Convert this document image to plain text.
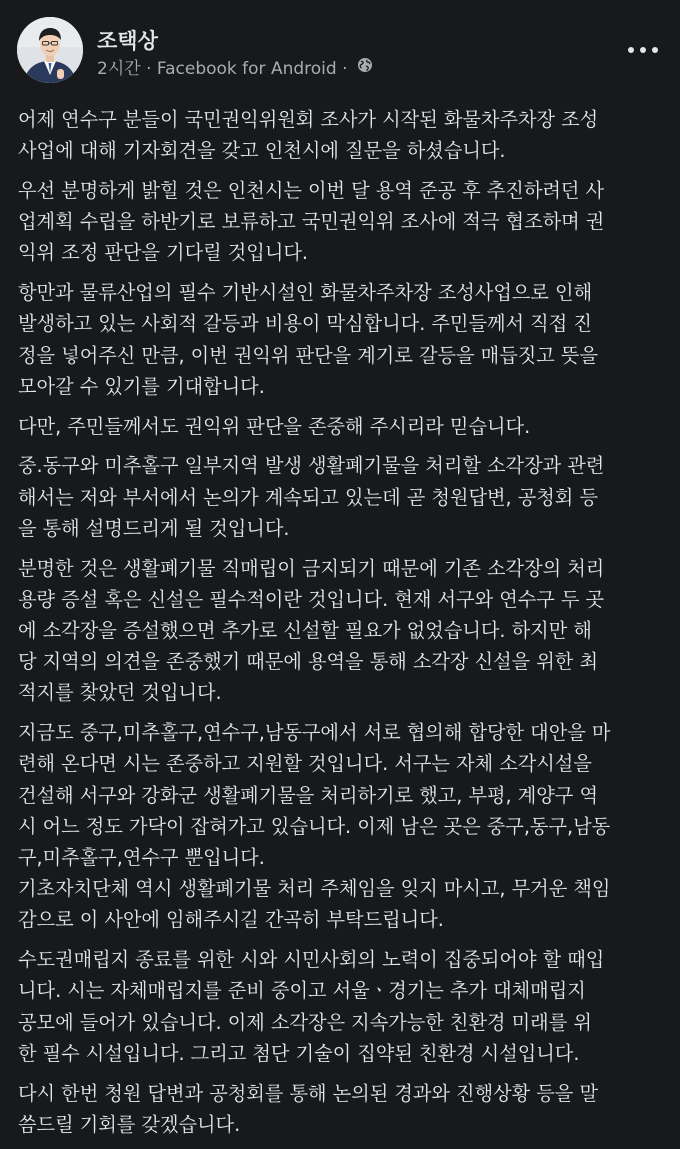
조택상
2시간 · Facebook for Android ·

어제 연수구 분들이 국민권익위원회 조사가 시작된 화물차주차장 조성
사업에 대해 기자회견을 갖고 인천시에 질문을 하셨습니다.

우선 분명하게 밝힐 것은 인천시는 이번 달 용역 준공 후 추진하려던 사
업계획 수립을 하반기로 보류하고 국민권익위 조사에 적극 협조하며 권
익위 조정 판단을 기다릴 것입니다.

항만과 물류산업의 필수 기반시설인 화물차주차장 조성사업으로 인해
발생하고 있는 사회적 갈등과 비용이 막심합니다. 주민들께서 직접 진
정을 넣어주신 만큼, 이번 권익위 판단을 계기로 갈등을 매듭짓고 뜻을
모아갈 수 있기를 기대합니다.

다만, 주민들께서도 권익위 판단을 존중해 주시리라 믿습니다.

중.동구와 미추홀구 일부지역 발생 생활폐기물을 처리할 소각장과 관련
해서는 저와 부서에서 논의가 계속되고 있는데 곧 청원답변, 공청회 등
을 통해 설명드리게 될 것입니다.

분명한 것은 생활폐기물 직매립이 금지되기 때문에 기존 소각장의 처리
용량 증설 혹은 신설은 필수적이란 것입니다. 현재 서구와 연수구 두 곳
에 소각장을 증설했으면 추가로 신설할 필요가 없었습니다. 하지만 해
당 지역의 의견을 존중했기 때문에 용역을 통해 소각장 신설을 위한 최
적지를 찾았던 것입니다.

지금도 중구,미추홀구,연수구,남동구에서 서로 협의해 합당한 대안을 마
련해 온다면 시는 존중하고 지원할 것입니다. 서구는 자체 소각시설을
건설해 서구와 강화군 생활폐기물을 처리하기로 했고, 부평, 계양구 역
시 어느 정도 가닥이 잡혀가고 있습니다. 이제 남은 곳은 중구,동구,남동
구,미추홀구,연수구 뿐입니다.
기초자치단체 역시 생활폐기물 처리 주체임을 잊지 마시고, 무거운 책임
감으로 이 사안에 임해주시길 간곡히 부탁드립니다.

수도권매립지 종료를 위한 시와 시민사회의 노력이 집중되어야 할 때입
니다. 시는 자체매립지를 준비 중이고 서울ㆍ경기는 추가 대체매립지
공모에 들어가 있습니다. 이제 소각장은 지속가능한 친환경 미래를 위
한 필수 시설입니다. 그리고 첨단 기술이 집약된 친환경 시설입니다.

다시 한번 청원 답변과 공청회를 통해 논의된 경과와 진행상황 등을 말
씀드릴 기회를 갖겠습니다.
